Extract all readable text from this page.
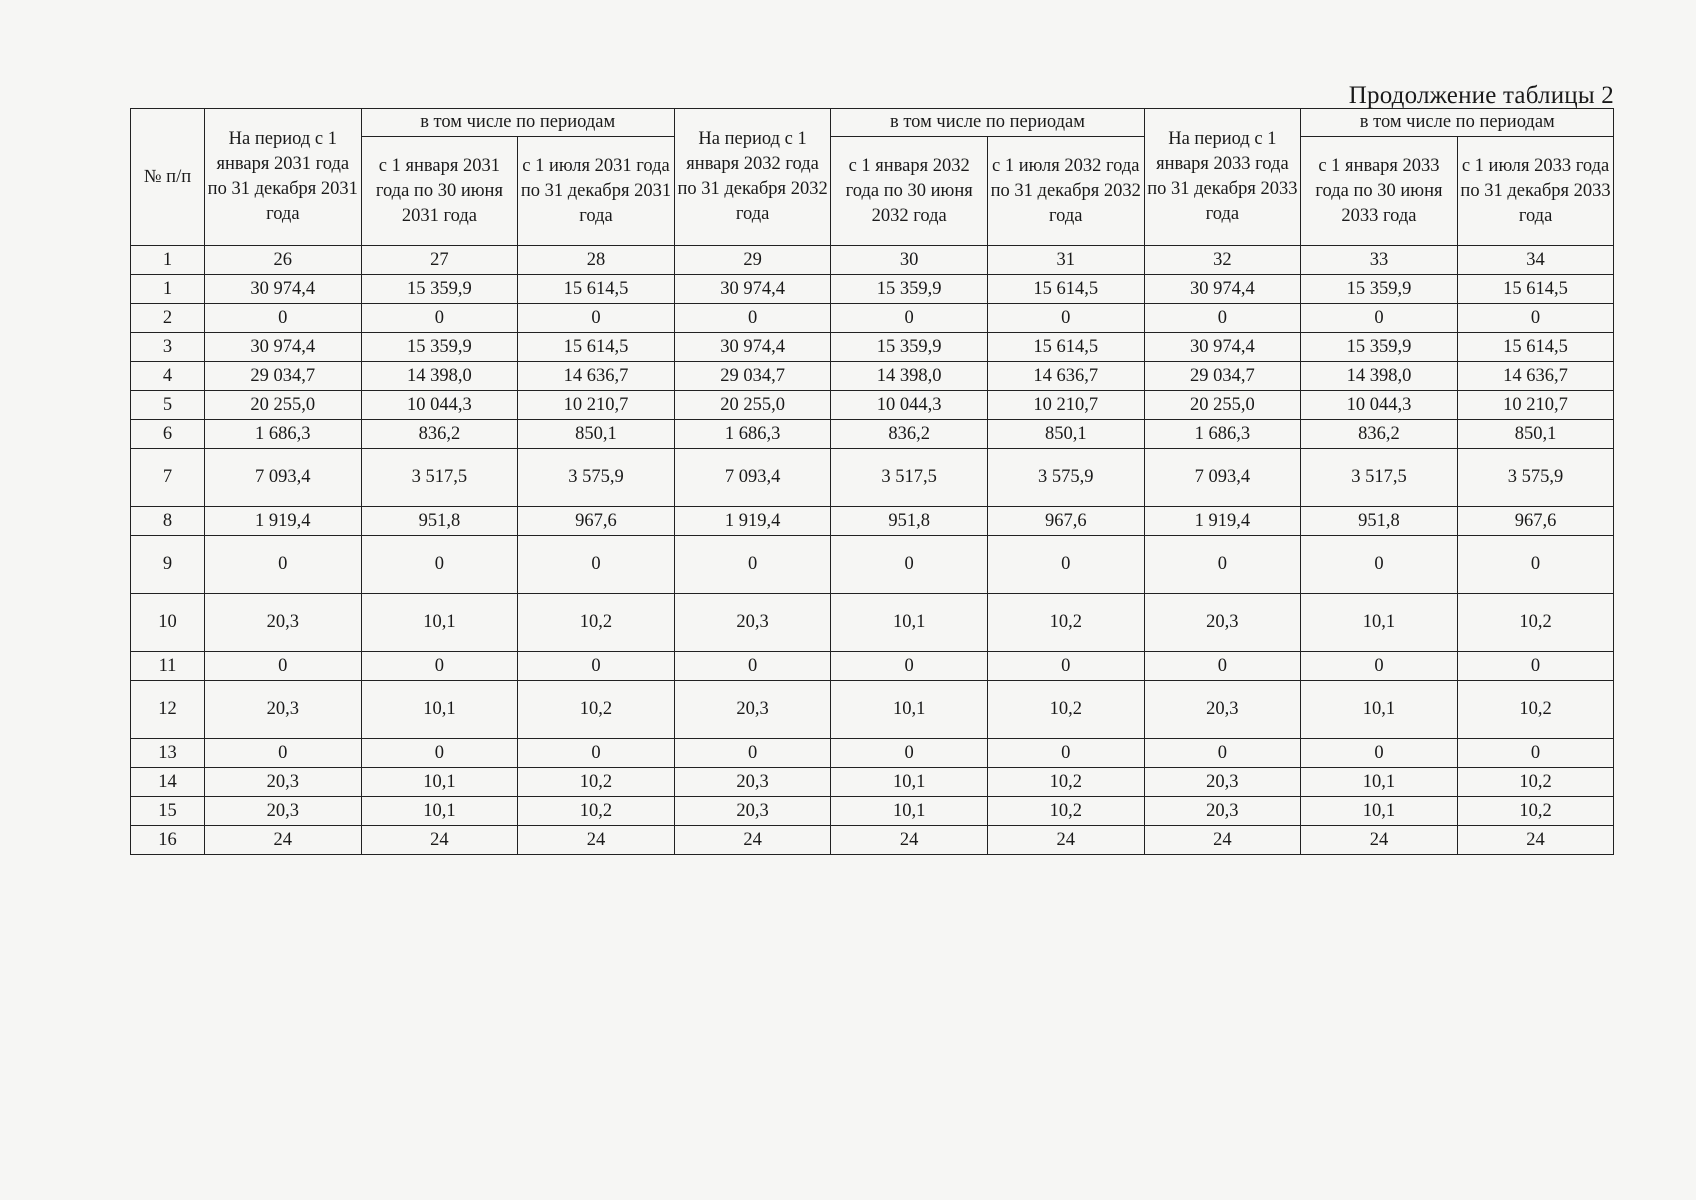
Продолжение таблицы 2
№ п/п	На период с 1 января 2031 года по 31 декабря 2031 года	в том числе по периодам		На период с 1 января 2032 года по 31 декабря 2032 года	в том числе по периодам		На период с 1 января 2033 года по 31 декабря 2033 года	в том числе по периодам	
		с 1 января 2031 года по 30 июня 2031 года	с 1 июля 2031 года по 31 декабря 2031 года		с 1 января 2032 года по 30 июня 2032 года	с 1 июля 2032 года по 31 декабря 2032 года		с 1 января 2033 года по 30 июня 2033 года	с 1 июля 2033 года по 31 декабря 2033 года
1	26	27	28	29	30	31	32	33	34
1	30 974,4	15 359,9	15 614,5	30 974,4	15 359,9	15 614,5	30 974,4	15 359,9	15 614,5
2	0	0	0	0	0	0	0	0	0
3	30 974,4	15 359,9	15 614,5	30 974,4	15 359,9	15 614,5	30 974,4	15 359,9	15 614,5
4	29 034,7	14 398,0	14 636,7	29 034,7	14 398,0	14 636,7	29 034,7	14 398,0	14 636,7
5	20 255,0	10 044,3	10 210,7	20 255,0	10 044,3	10 210,7	20 255,0	10 044,3	10 210,7
6	1 686,3	836,2	850,1	1 686,3	836,2	850,1	1 686,3	836,2	850,1
7	7 093,4	3 517,5	3 575,9	7 093,4	3 517,5	3 575,9	7 093,4	3 517,5	3 575,9
8	1 919,4	951,8	967,6	1 919,4	951,8	967,6	1 919,4	951,8	967,6
9	0	0	0	0	0	0	0	0	0
10	20,3	10,1	10,2	20,3	10,1	10,2	20,3	10,1	10,2
11	0	0	0	0	0	0	0	0	0
12	20,3	10,1	10,2	20,3	10,1	10,2	20,3	10,1	10,2
13	0	0	0	0	0	0	0	0	0
14	20,3	10,1	10,2	20,3	10,1	10,2	20,3	10,1	10,2
15	20,3	10,1	10,2	20,3	10,1	10,2	20,3	10,1	10,2
16	24	24	24	24	24	24	24	24	24
